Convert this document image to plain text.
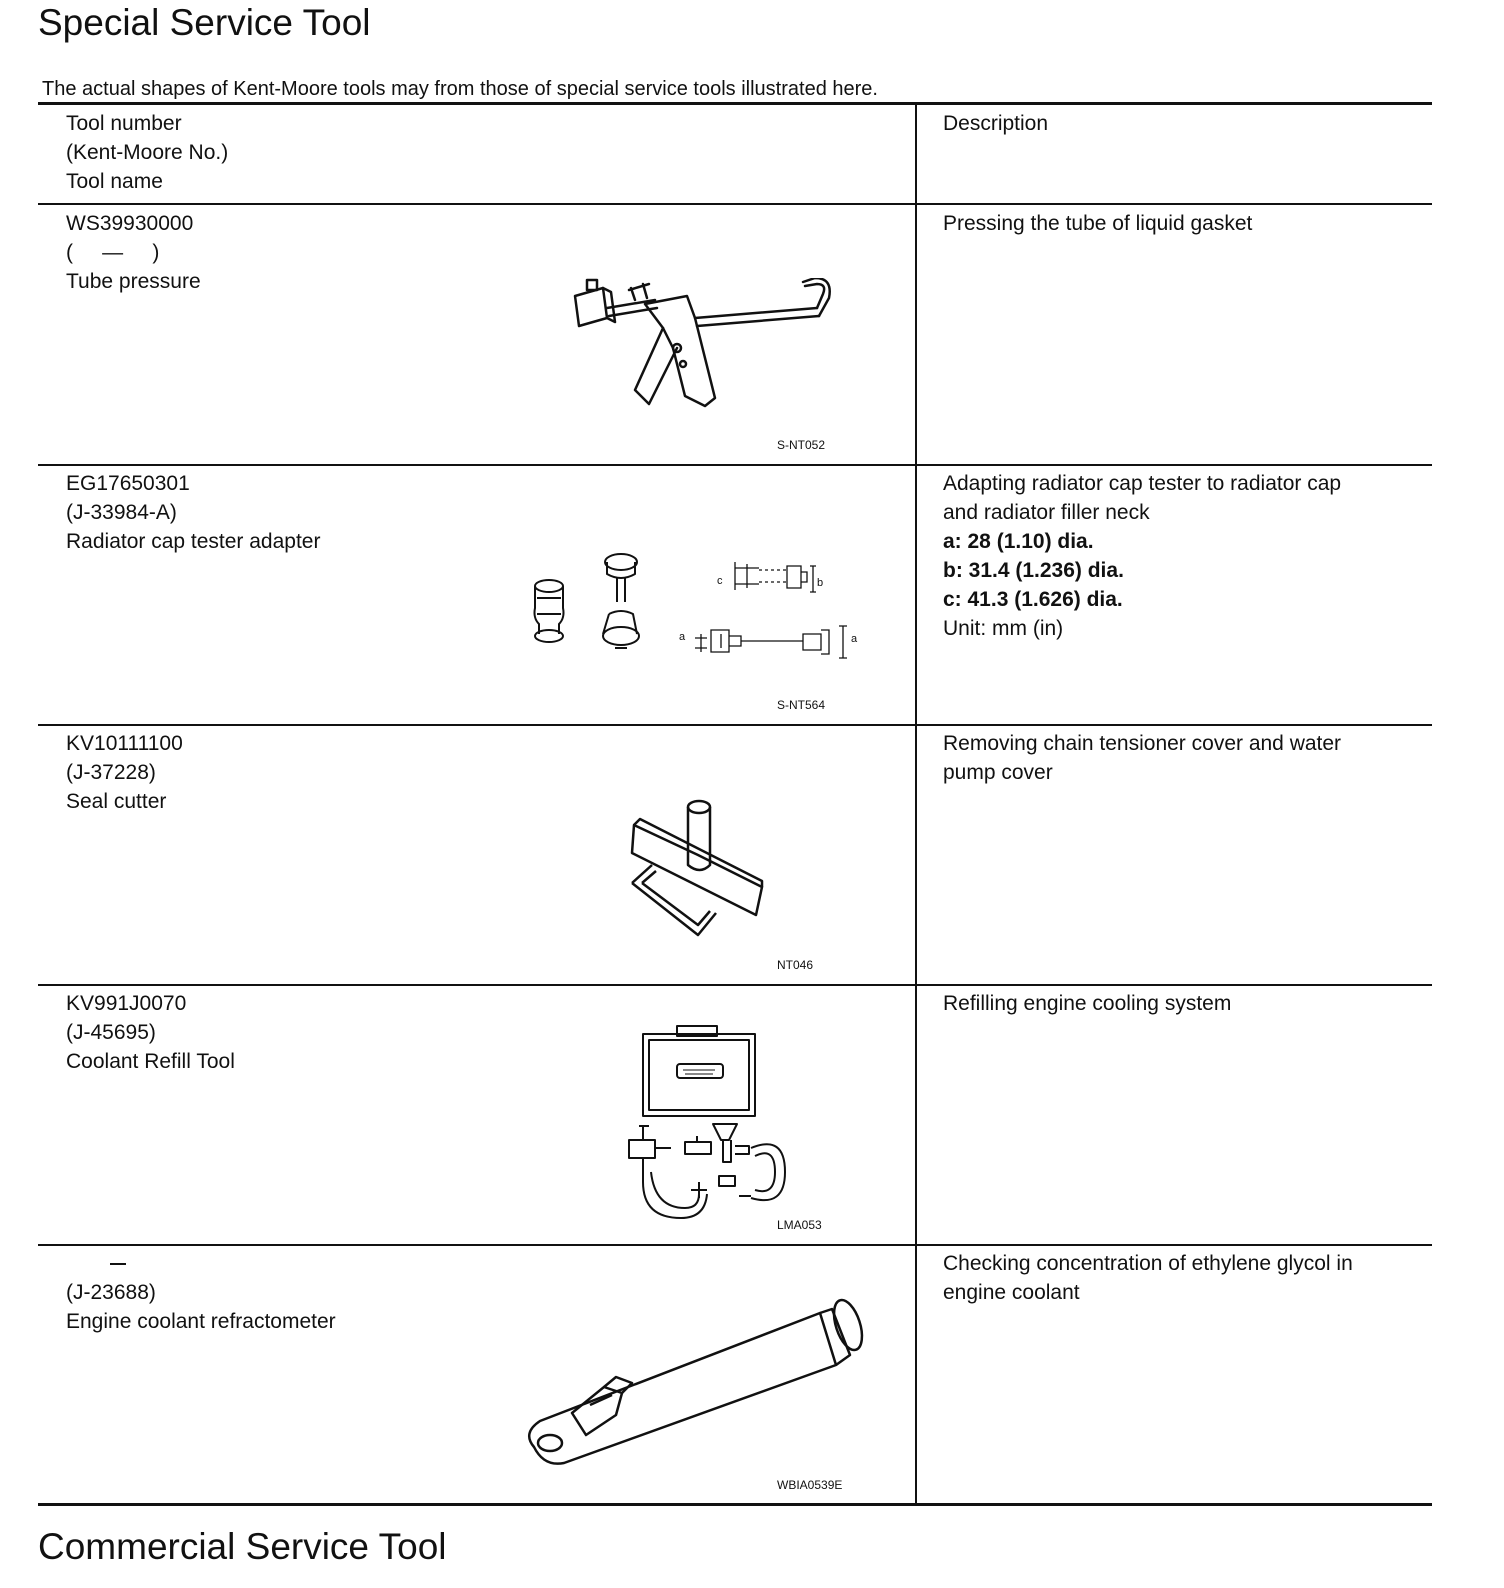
Special Service Tool
The actual shapes of Kent-Moore tools may from those of special service tools illustrated here.
Tool number
(Kent-Moore No.)
Tool name
Description
WS39930000
(     —     )
Tube pressure
S-NT052
Pressing the tube of liquid gasket
EG17650301
(J-33984-A)
Radiator cap tester adapter
c	b
a	a
S-NT564
Adapting radiator cap tester to radiator cap
and radiator filler neck
a: 28 (1.10) dia.
b: 31.4 (1.236) dia.
c: 41.3 (1.626) dia.
Unit: mm (in)
KV10111100
(J-37228)
Seal cutter
NT046
Removing chain tensioner cover and water
pump cover
KV991J0070
(J-45695)
Coolant Refill Tool
LMA053
Refilling engine cooling system
(J-23688)
Engine coolant refractometer
WBIA0539E
Checking concentration of ethylene glycol in
engine coolant
Commercial Service Tool
